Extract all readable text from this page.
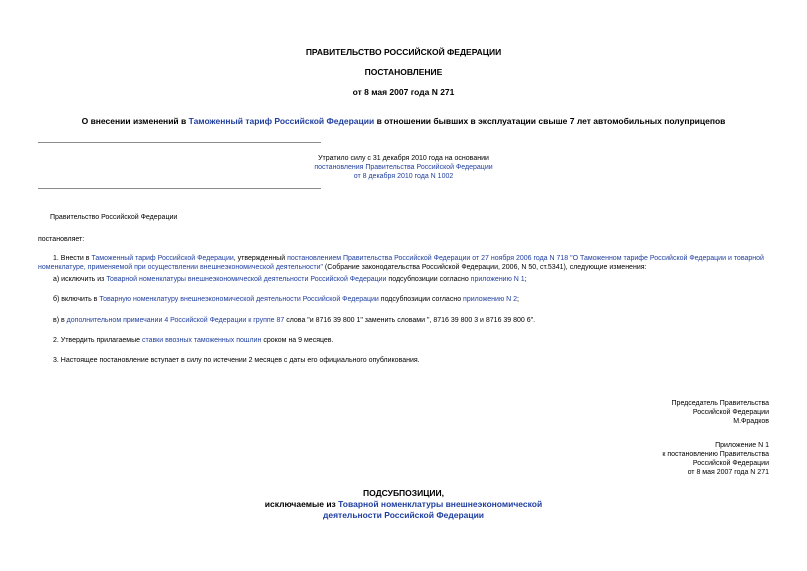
ПРАВИТЕЛЬСТВО РОССИЙСКОЙ ФЕДЕРАЦИИ
ПОСТАНОВЛЕНИЕ
от 8 мая 2007 года N 271
О внесении изменений в Таможенный тариф Российской Федерации в отношении бывших в эксплуатации свыше 7 лет автомобильных полуприцепов
Утратило силу с 31 декабря 2010 года на основании
постановления Правительства Российской Федерации
от 8 декабря 2010 года N 1002
Правительство Российской Федерации
постановляет:
1. Внести в Таможенный тариф Российской Федерации, утвержденный постановлением Правительства Российской Федерации от 27 ноября 2006 года N 718 "О Таможенном тарифе Российской Федерации и товарной номенклатуре, применяемой при осуществлении внешнеэкономической деятельности" (Собрание законодательства Российской Федерации, 2006, N 50, ст.5341), следующие изменения:
а) исключить из Товарной номенклатуры внешнеэкономической деятельности Российской Федерации подсубпозиции согласно приложению N 1;
б) включить в Товарную номенклатуру внешнеэкономической деятельности Российской Федерации подсубпозиции согласно приложению N 2;
в) в дополнительном примечании 4 Российской Федерации к группе 87 слова "и 8716 39 800 1" заменить словами ", 8716 39 800 3 и 8716 39 800 6".
2. Утвердить прилагаемые ставки ввозных таможенных пошлин сроком на 9 месяцев.
3. Настоящее постановление вступает в силу по истечении 2 месяцев с даты его официального опубликования.
Председатель Правительства
Российской Федерации
М.Фрадков
Приложение N 1
к постановлению Правительства
Российской Федерации
от 8 мая 2007 года N 271
ПОДСУБПОЗИЦИИ,
исключаемые из Товарной номенклатуры внешнеэкономической
деятельности Российской Федерации
